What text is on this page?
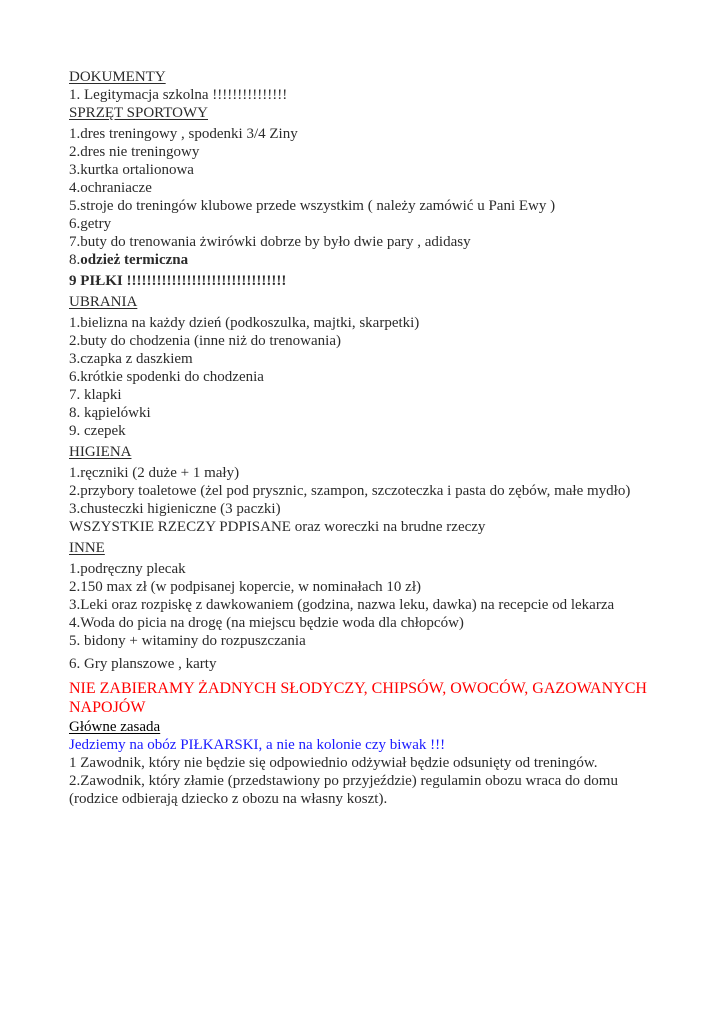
DOKUMENTY
1. Legitymacja szkolna !!!!!!!!!!!!!!!
SPRZĘT SPORTOWY
1.dres treningowy , spodenki 3/4 Ziny
2.dres nie treningowy
3.kurtka ortalionowa
4.ochraniacze
5.stroje do treningów klubowe przede wszystkim ( należy zamówić u Pani Ewy )
6.getry
7.buty do trenowania żwirówki dobrze by było dwie pary , adidasy
8.odzież termiczna
9 PIŁKI !!!!!!!!!!!!!!!!!!!!!!!!!!!!!!!!
UBRANIA
1.bielizna na każdy dzień (podkoszulka, majtki, skarpetki)
2.buty do chodzenia (inne niż do trenowania)
3.czapka z daszkiem
6.krótkie spodenki do chodzenia
7. klapki
8. kąpielówki
9. czepek
HIGIENA
1.ręczniki (2 duże + 1 mały)
2.przybory toaletowe (żel pod prysznic, szampon, szczoteczka i pasta do zębów, małe mydło)
3.chusteczki higieniczne (3 paczki)
WSZYSTKIE RZECZY PDPISANE oraz woreczki na brudne rzeczy
INNE
1.podręczny plecak
2.150 max zł (w podpisanej kopercie, w nominałach 10 zł)
3.Leki oraz rozpiskę z dawkowaniem (godzina, nazwa leku, dawka) na recepcie od lekarza
4.Woda do picia na drogę (na miejscu będzie woda dla chłopców)
5. bidony + witaminy do rozpuszczania
6. Gry planszowe , karty
NIE ZABIERAMY ŻADNYCH SŁODYCZY, CHIPSÓW, OWOCÓW, GAZOWANYCH NAPOJÓW
Główne zasada
Jedziemy na obóz PIŁKARSKI, a nie na kolonie czy biwak !!!
1 Zawodnik, który nie będzie się odpowiednio odżywiał będzie odsunięty od treningów.
2.Zawodnik, który złamie (przedstawiony po przyjeździe) regulamin obozu wraca do domu (rodzice odbierają dziecko z obozu na własny koszt).
